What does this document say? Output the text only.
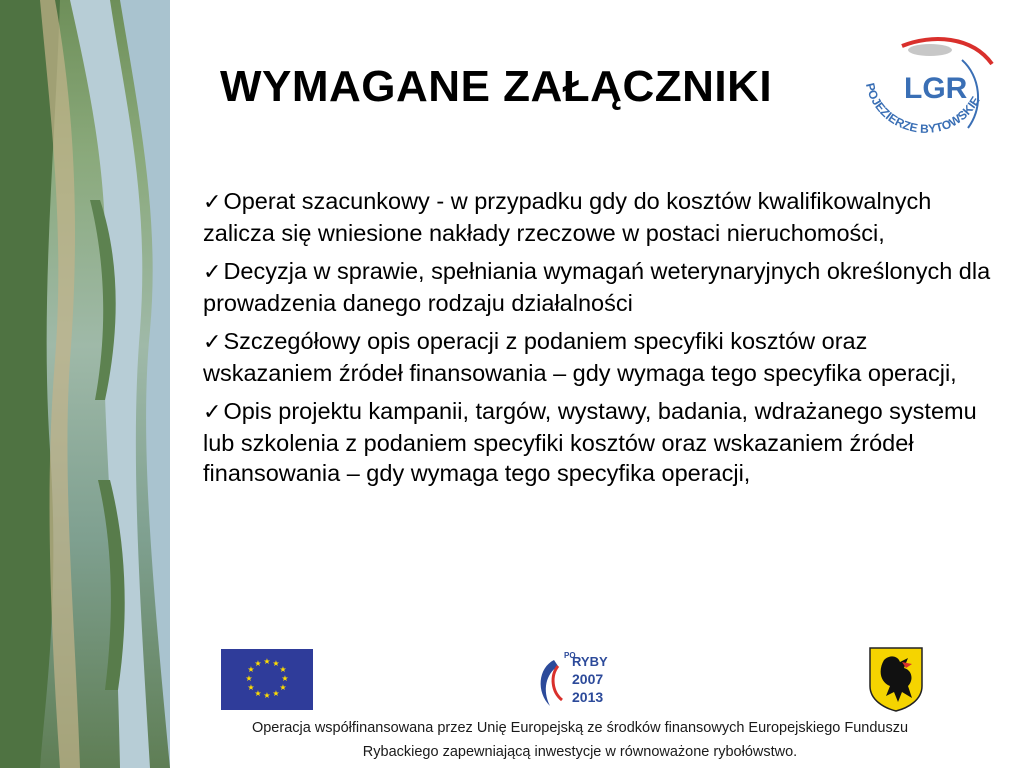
WYMAGANE ZAŁĄCZNIKI	LGR
POJEZIERZE BYTOWSKIE
✓Operat szacunkowy - w przypadku gdy do kosztów kwalifikowalnych zalicza się wniesione nakłady rzeczowe w postaci nieruchomości,
✓Decyzja w sprawie, spełniania wymagań weterynaryjnych określonych dla prowadzenia danego rodzaju działalności
✓Szczegółowy opis operacji z podaniem specyfiki kosztów oraz wskazaniem źródeł finansowania – gdy wymaga tego specyfika operacji,
✓Opis projektu kampanii, targów, wystawy, badania, wdrażanego systemu lub szkolenia z podaniem specyfiki kosztów oraz wskazaniem źródeł finansowania – gdy wymaga tego specyfika operacji,
★ ★
★
★
★
★
★
★
★
★
★
★
PO
RYBY
2007
2013
Operacja współfinansowana przez Unię Europejską ze środków finansowych Europejskiego Funduszu
Rybackiego zapewniającą inwestycje w równoważone rybołówstwo.
